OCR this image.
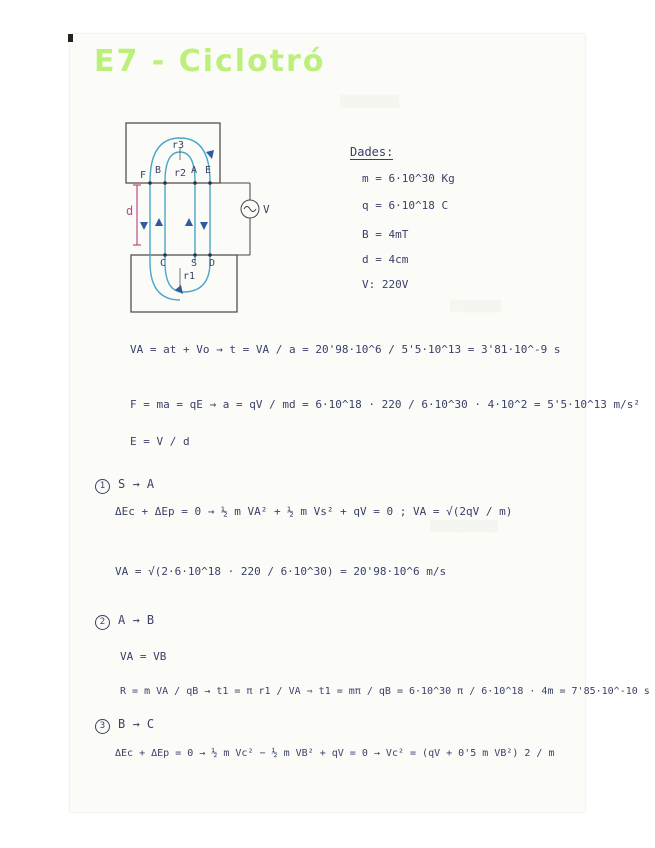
▒▒▒▒▒▒▒
▒▒▒▒▒▒
▒▒▒▒▒▒▒▒
E7 - Ciclotró
d	V
F B
r3
r2 A E
C S D
r1
Dades:
m = 6·10^30 Kg
q = 6·10^18 C
B = 4mT
d = 4cm
V: 220V
VA = at + Vo → t = VA / a = 20'98·10^6 / 5'5·10^13 = 3'81·10^-9 s
F = ma = qE → a = qV / md = 6·10^18 · 220 / 6·10^30 · 4·10^2 = 5'5·10^13 m/s²
E = V / d
1 S → A
ΔEc + ΔEp = 0 → ½ m VA² + ½ m Vs² + qV = 0 ; VA = √(2qV / m)
VA = √(2·6·10^18 · 220 / 6·10^30) = 20'98·10^6 m/s
2 A → B
VA = VB
R = m VA / qB → t1 = π r1 / VA ⇒ t1 = mπ / qB = 6·10^30 π / 6·10^18 · 4m = 7'85·10^-10 s
3 B → C
ΔEc + ΔEp = 0 → ½ m Vc² − ½ m VB² + qV = 0 → Vc² = (qV + 0'5 m VB²) 2 / m
